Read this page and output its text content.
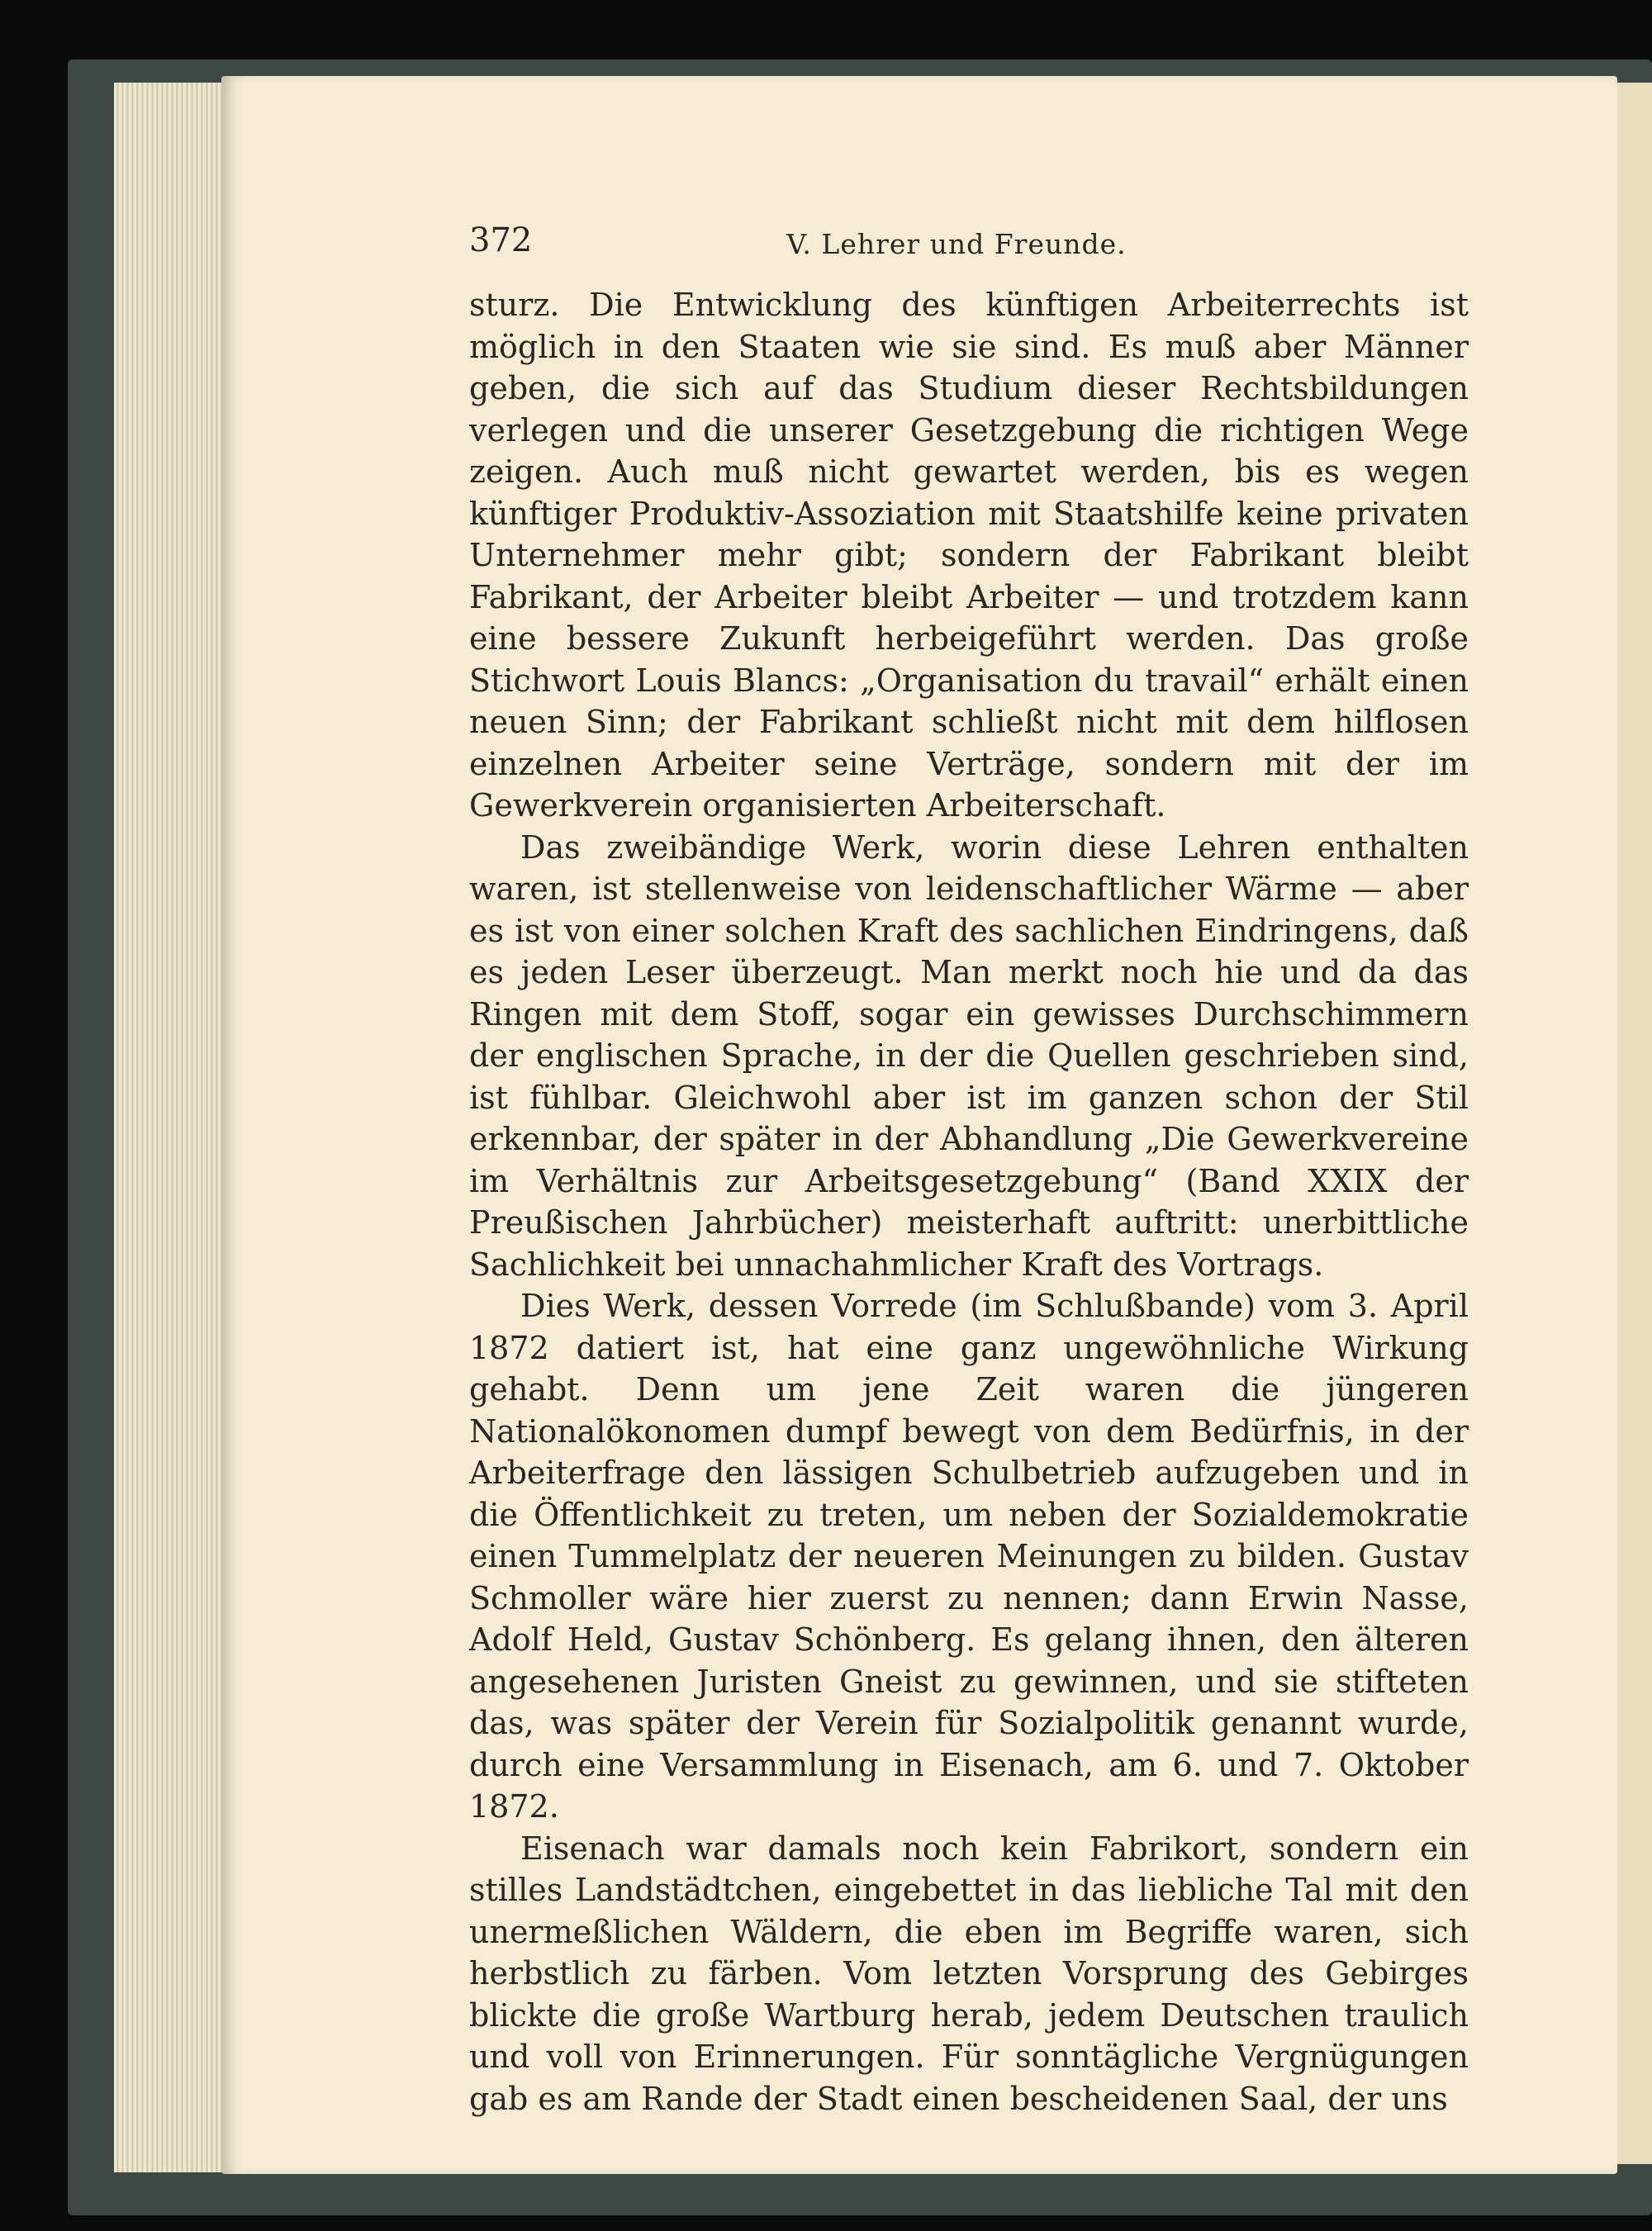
372	V. Lehrer und Freunde.

sturz. Die Entwicklung des künftigen Arbeiterrechts ist möglich in den Staaten wie sie sind. Es muß aber Männer geben, die sich auf das Studium dieser Rechtsbildungen verlegen und die unserer Gesetzgebung die richtigen Wege zeigen. Auch muß nicht gewartet werden, bis es wegen künftiger Produktiv-Assoziation mit Staatshilfe keine privaten Unternehmer mehr gibt; sondern der Fabrikant bleibt Fabrikant, der Arbeiter bleibt Arbeiter — und trotzdem kann eine bessere Zukunft herbeigeführt werden. Das große Stichwort Louis Blancs: „Organisation du travail“ erhält einen neuen Sinn; der Fabrikant schließt nicht mit dem hilflosen einzelnen Arbeiter seine Verträge, sondern mit der im Gewerkverein organisierten Arbeiterschaft.

Das zweibändige Werk, worin diese Lehren enthalten waren, ist stellenweise von leidenschaftlicher Wärme — aber es ist von einer solchen Kraft des sachlichen Eindringens, daß es jeden Leser überzeugt. Man merkt noch hie und da das Ringen mit dem Stoff, sogar ein gewisses Durchschimmern der englischen Sprache, in der die Quellen geschrieben sind, ist fühlbar. Gleichwohl aber ist im ganzen schon der Stil erkennbar, der später in der Abhandlung „Die Gewerkvereine im Verhältnis zur Arbeitsgesetzgebung“ (Band XXIX der Preußischen Jahrbücher) meisterhaft auftritt: unerbittliche Sachlichkeit bei unnachahmlicher Kraft des Vortrags.

Dies Werk, dessen Vorrede (im Schlußbande) vom 3. April 1872 datiert ist, hat eine ganz ungewöhnliche Wirkung gehabt. Denn um jene Zeit waren die jüngeren Nationalökonomen dumpf bewegt von dem Bedürfnis, in der Arbeiterfrage den lässigen Schulbetrieb aufzugeben und in die Öffentlichkeit zu treten, um neben der Sozialdemokratie einen Tummelplatz der neueren Meinungen zu bilden. Gustav Schmoller wäre hier zuerst zu nennen; dann Erwin Nasse, Adolf Held, Gustav Schönberg. Es gelang ihnen, den älteren angesehenen Juristen Gneist zu gewinnen, und sie stifteten das, was später der Verein für Sozialpolitik genannt wurde, durch eine Versammlung in Eisenach, am 6. und 7. Oktober 1872.

Eisenach war damals noch kein Fabrikort, sondern ein stilles Landstädtchen, eingebettet in das liebliche Tal mit den unermeßlichen Wäldern, die eben im Begriffe waren, sich herbstlich zu färben. Vom letzten Vorsprung des Gebirges blickte die große Wartburg herab, jedem Deutschen traulich und voll von Erinnerungen. Für sonntägliche Vergnügungen gab es am Rande der Stadt einen bescheidenen Saal, der uns
